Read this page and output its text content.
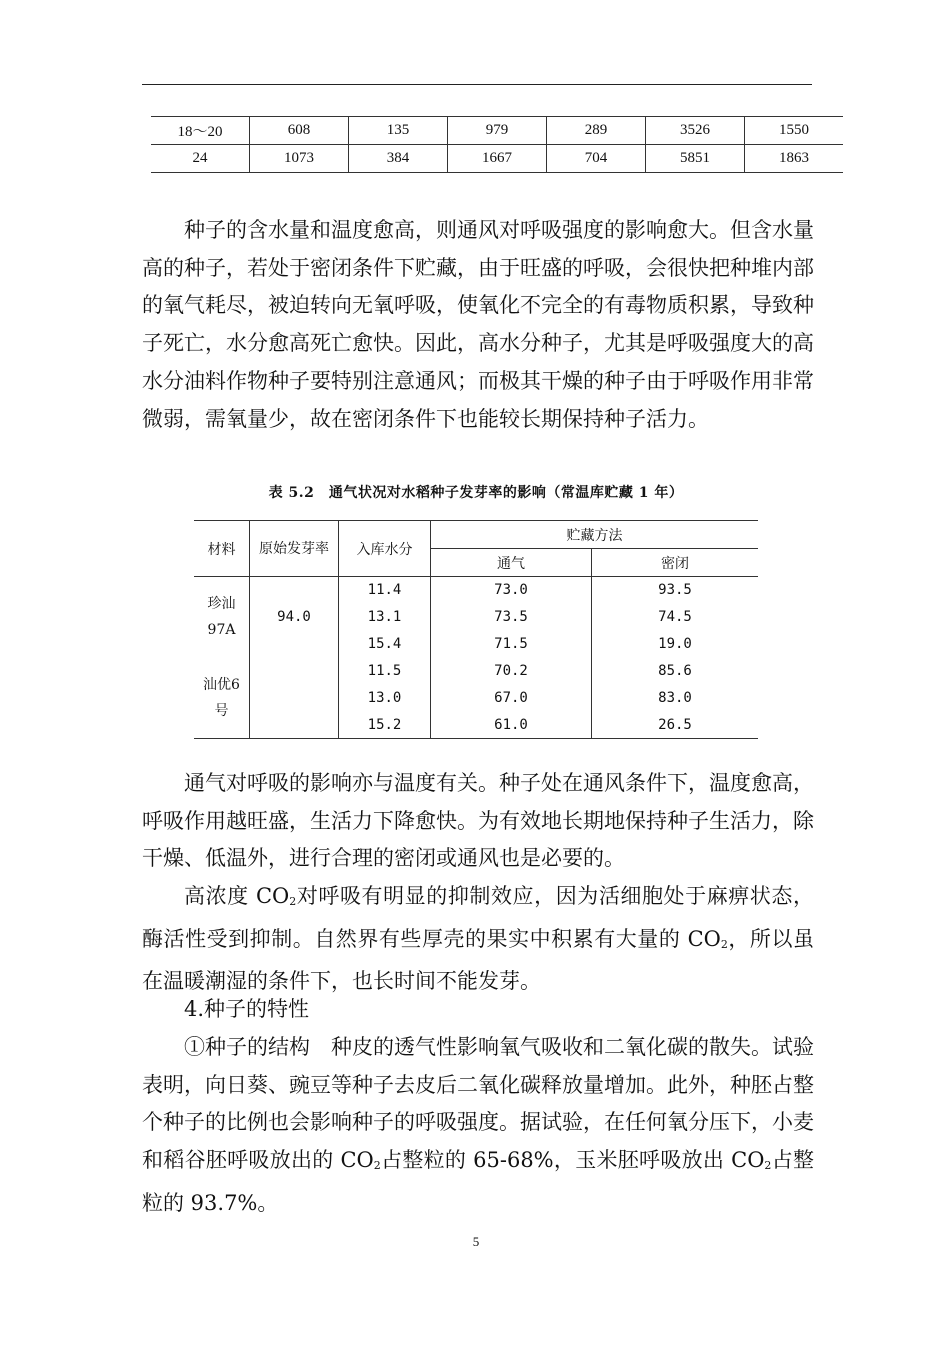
18～20	608	135	979	289	3526	1550
24	1073	384	1667	704	5851	1863

种子的含水量和温度愈高，则通风对呼吸强度的影响愈大。但含水量高的种子，若处于密闭条件下贮藏，由于旺盛的呼吸，会很快把种堆内部的氧气耗尽，被迫转向无氧呼吸，使氧化不完全的有毒物质积累，导致种子死亡，水分愈高死亡愈快。因此，高水分种子，尤其是呼吸强度大的高水分油料作物种子要特别注意通风；而极其干燥的种子由于呼吸作用非常微弱，需氧量少，故在密闭条件下也能较长期保持种子活力。

表 5.2　通气状况对水稻种子发芽率的影响（常温库贮藏 1 年）
材料	原始发芽率	入库水分	贮藏方法	
			通气	密闭
珍汕97A	94.0	11.4	73.0	93.5
		13.1	73.5	74.5
		15.4	71.5	19.0
汕优6号		11.5	70.2	85.6
		13.0	67.0	83.0
		15.2	61.0	26.5

通气对呼吸的影响亦与温度有关。种子处在通风条件下，温度愈高，呼吸作用越旺盛，生活力下降愈快。为有效地长期地保持种子生活力，除干燥、低温外，进行合理的密闭或通风也是必要的。

高浓度 $CO_2$对呼吸有明显的抑制效应，因为活细胞处于麻痹状态，酶活性受到抑制。自然界有些厚壳的果实中积累有大量的 $CO_2$，所以虽在温暖潮湿的条件下，也长时间不能发芽。

4.种子的特性

①种子的结构　种皮的透气性影响氧气吸收和二氧化碳的散失。试验表明，向日葵、豌豆等种子去皮后二氧化碳释放量增加。此外，种胚占整个种子的比例也会影响种子的呼吸强度。据试验，在任何氧分压下，小麦和稻谷胚呼吸放出的 $CO_2$占整粒的 65-68%，玉米胚呼吸放出 $CO_2$占整粒的 93.7%。

5
